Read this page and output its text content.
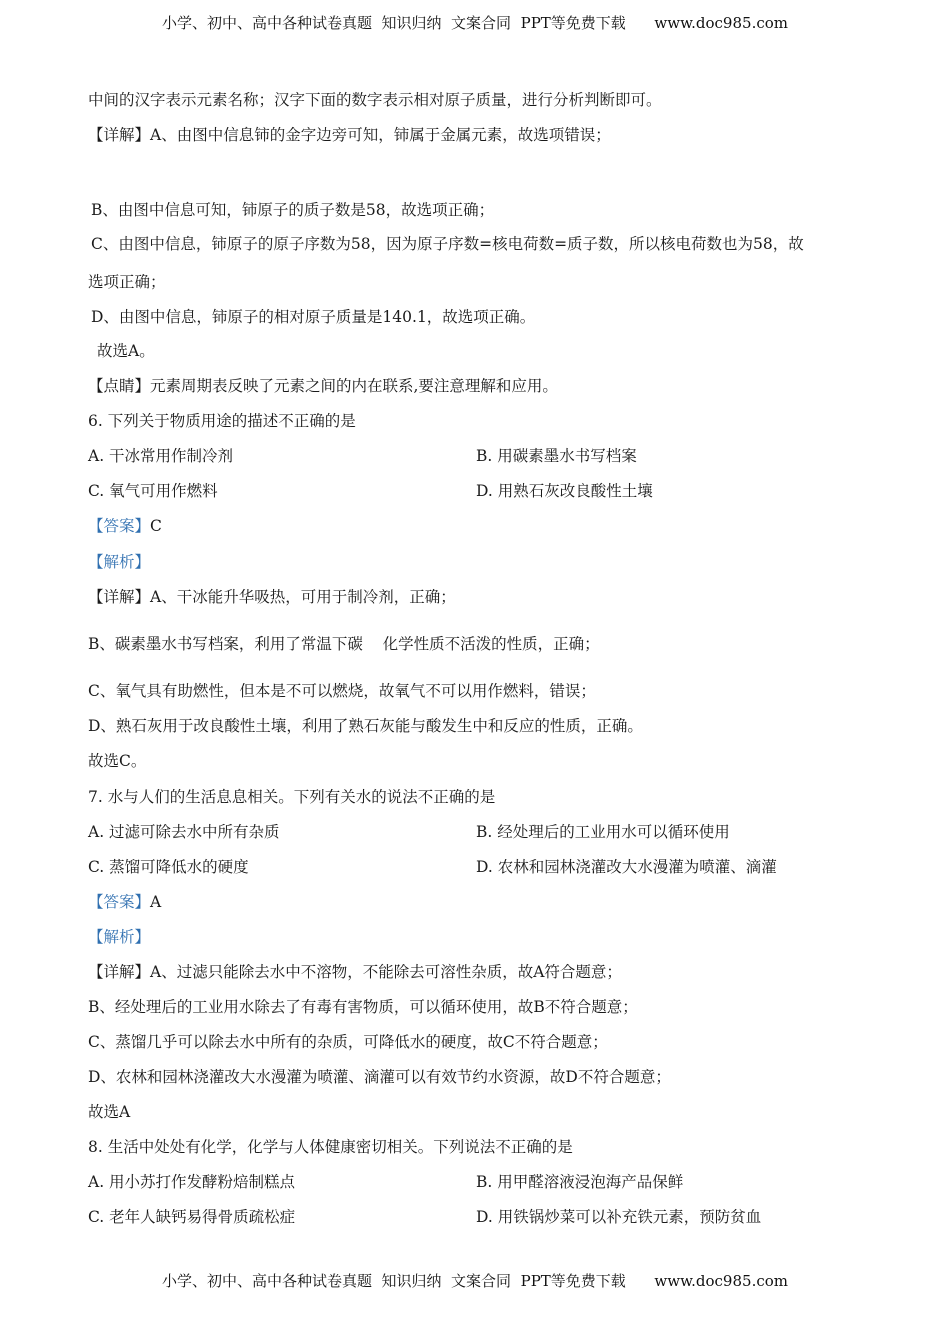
小学、初中、高中各种试卷真题  知识归纳  文案合同  PPT等免费下载      www.doc985.com
中间的汉字表示元素名称；汉字下面的数字表示相对原子质量，进行分析判断即可。
【详解】A、由图中信息铈的金字边旁可知，铈属于金属元素，故选项错误；
B、由图中信息可知，铈原子的质子数是58，故选项正确；
C、由图中信息，铈原子的原子序数为58，因为原子序数=核电荷数=质子数，所以核电荷数也为58，故
选项正确；
D、由图中信息，铈原子的相对原子质量是140.1，故选项正确。
故选A。
【点睛】元素周期表反映了元素之间的内在联系,要注意理解和应用。
6. 下列关于物质用途的描述不正确的是
A. 干冰常用作制冷剂	B. 用碳素墨水书写档案
C. 氧气可用作燃料	D. 用熟石灰改良酸性土壤
【答案】C
【解析】
【详解】A、干冰能升华吸热，可用于制冷剂，正确；
B、碳素墨水书写档案，利用了常温下碳    化学性质不活泼的性质，正确；
C、氧气具有助燃性，但本是不可以燃烧，故氧气不可以用作燃料，错误；
D、熟石灰用于改良酸性土壤，利用了熟石灰能与酸发生中和反应的性质，正确。
故选C。
7. 水与人们的生活息息相关。下列有关水的说法不正确的是
A. 过滤可除去水中所有杂质	B. 经处理后的工业用水可以循环使用
C. 蒸馏可降低水的硬度	D. 农林和园林浇灌改大水漫灌为喷灌、滴灌
【答案】A
【解析】
【详解】A、过滤只能除去水中不溶物，不能除去可溶性杂质，故A符合题意；
B、经处理后的工业用水除去了有毒有害物质，可以循环使用，故B不符合题意；
C、蒸馏几乎可以除去水中所有的杂质，可降低水的硬度，故C不符合题意；
D、农林和园林浇灌改大水漫灌为喷灌、滴灌可以有效节约水资源，故D不符合题意；
故选A
8. 生活中处处有化学，化学与人体健康密切相关。下列说法不正确的是
A. 用小苏打作发酵粉焙制糕点	B. 用甲醛溶液浸泡海产品保鲜
C. 老年人缺钙易得骨质疏松症	D. 用铁锅炒菜可以补充铁元素，预防贫血
小学、初中、高中各种试卷真题  知识归纳  文案合同  PPT等免费下载      www.doc985.com
